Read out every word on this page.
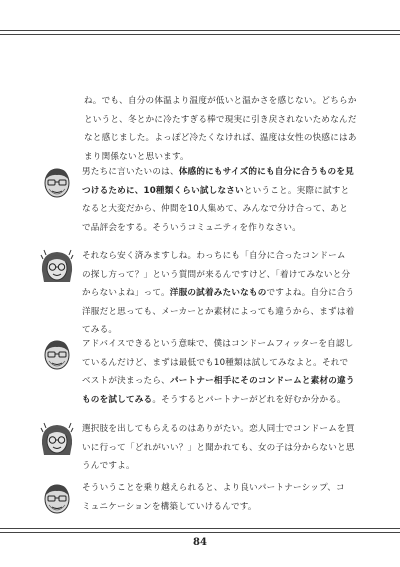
ね。でも、自分の体温より温度が低いと温かさを感じない。どちらか
というと、冬とかに冷たすぎる棒で現実に引き戻されないためなんだ
なと感じました。よっぽど冷たくなければ、温度は女性の快感にはあ
まり関係ないと思います。

男たちに言いたいのは、体感的にもサイズ的にも自分に合うものを見
つけるために、10種類くらい試しなさいということ。実際に試すと
なると大変だから、仲間を10人集めて、みんなで分け合って、あと
で品評会をする。そういうコミュニティを作りなさい。

それなら安く済みますしね。わっちにも「自分に合ったコンドーム
の探し方って？」という質問が来るんですけど、「着けてみないと分
からないよね」って。洋服の試着みたいなものですよね。自分に合う
洋服だと思っても、メーカーとか素材によっても違うから、まずは着
てみる。

アドバイスできるという意味で、僕はコンドームフィッターを自認し
ているんだけど、まずは最低でも10種類は試してみなよと。それで
ベストが決まったら、パートナー相手にそのコンドームと素材の違う
ものを試してみる。そうするとパートナーがどれを好むか分かる。

選択肢を出してもらえるのはありがたい。恋人同士でコンドームを買
いに行って「どれがいい？」と聞かれても、女の子は分からないと思
うんですよ。

そういうことを乗り越えられると、より良いパートナーシップ、コ
ミュニケーションを構築していけるんです。

84
